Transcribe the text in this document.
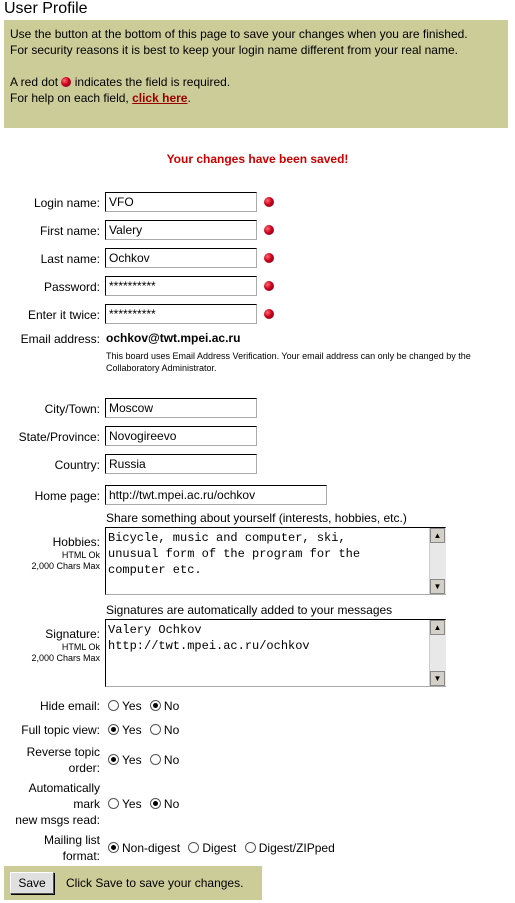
User Profile

Use the button at the bottom of this page to save your changes when you are finished.

For security reasons it is best to keep your login name different from your real name.

A red dot indicates the field is required.

For help on each field, click here.

Your changes have been saved!
Login name:
VFO
First name:
Valery
Last name:
Ochkov
Password:
**********
Enter it twice:
**********
Email address: ochkov@twt.mpei.ac.ru
This board uses Email Address Verification. Your email address can only be changed by the Collaboratory Administrator.
City/Town:
Moscow
State/Province:
Novogireevo
Country:
Russia
Home page:
http://twt.mpei.ac.ru/ochkov
Share something about yourself (interests, hobbies, etc.)
Hobbies:
HTML Ok
2,000 Chars Max
Bicycle, music and computer, ski, unusual form of the program for the computer etc.
▲
▼
Signatures are automatically added to your messages
Signature:
HTML Ok
2,000 Chars Max
Valery Ochkov http://twt.mpei.ac.ru/ochkov
▲
▼
Hide email:	Yes No
Full topic view:	Yes No
Reverse topic
order:
Yes No
Automatically
mark
new msgs read:
Yes No
Mailing list
format:
Non-digest Digest Digest/ZIPped
Save	Click Save to save your changes.
